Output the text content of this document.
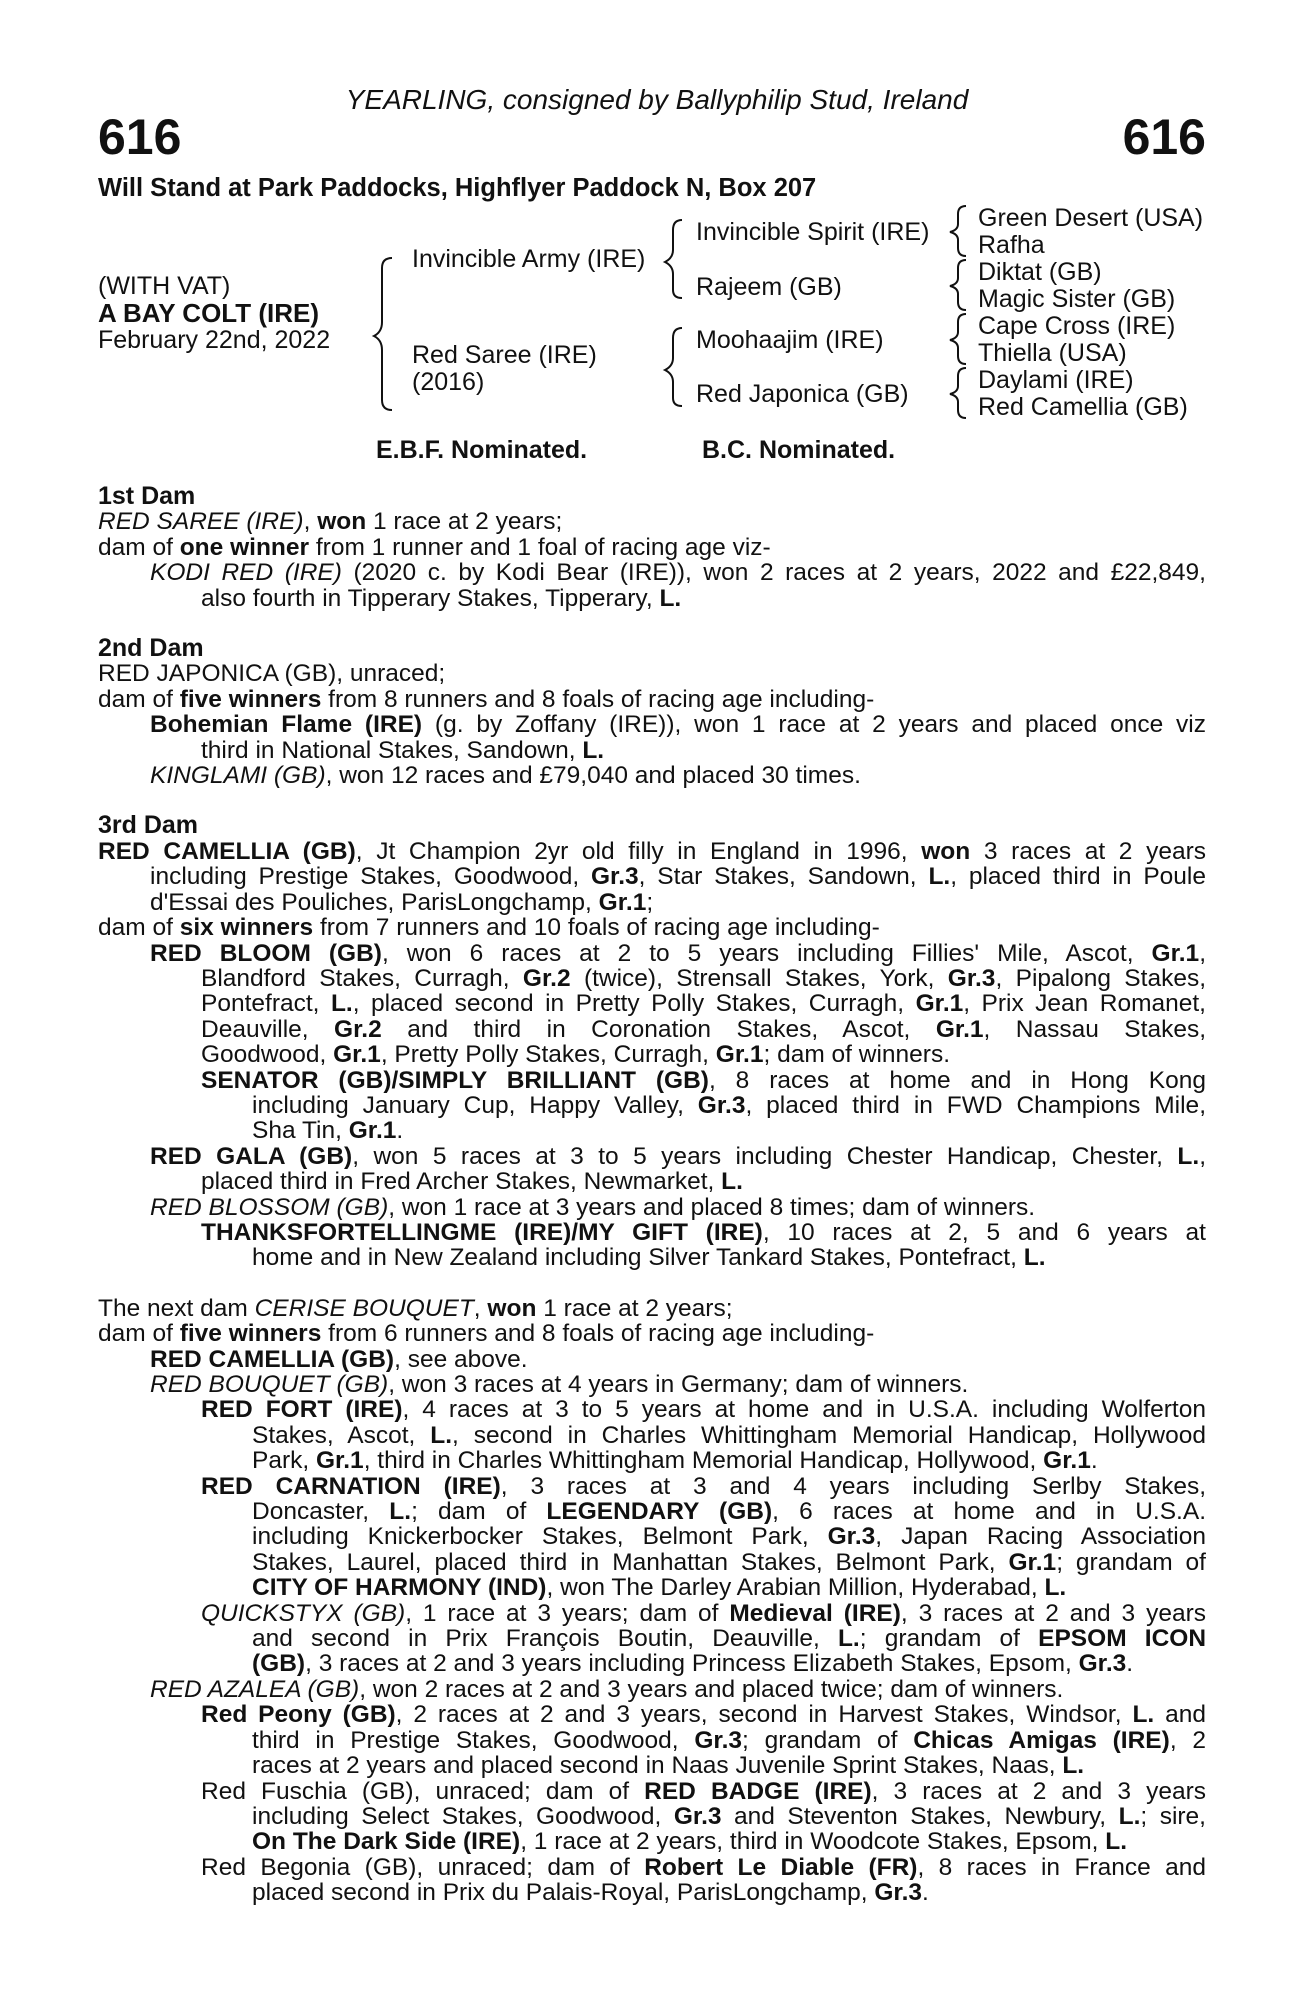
YEARLING, consigned by Ballyphilip Stud, Ireland
616	616
Will Stand at Park Paddocks, Highflyer Paddock N, Box 207
(WITH VAT)
A BAY COLT (IRE)
February 22nd, 2022
Invincible Army (IRE)
Red Saree (IRE)
(2016)
Invincible Spirit (IRE)
Rajeem (GB)
Moohaajim (IRE)
Red Japonica (GB)
Green Desert (USA)
Rafha
Diktat (GB)
Magic Sister (GB)
Cape Cross (IRE)
Thiella (USA)
Daylami (IRE)
Red Camellia (GB)
E.B.F. Nominated.	B.C. Nominated.
1st Dam
RED SAREE (IRE), won 1 race at 2 years;
dam of one winner from 1 runner and 1 foal of racing age viz-
KODI RED (IRE) (2020 c. by Kodi Bear (IRE)), won 2 races at 2 years, 2022 and £22,849,
also fourth in Tipperary Stakes, Tipperary, L.
2nd Dam
RED JAPONICA (GB), unraced;
dam of five winners from 8 runners and 8 foals of racing age including-
Bohemian Flame (IRE) (g. by Zoffany (IRE)), won 1 race at 2 years and placed once viz
third in National Stakes, Sandown, L.
KINGLAMI (GB), won 12 races and £79,040 and placed 30 times.
3rd Dam
RED CAMELLIA (GB), Jt Champion 2yr old filly in England in 1996, won 3 races at 2 years
including Prestige Stakes, Goodwood, Gr.3, Star Stakes, Sandown, L., placed third in Poule
d'Essai des Pouliches, ParisLongchamp, Gr.1;
dam of six winners from 7 runners and 10 foals of racing age including-
RED BLOOM (GB), won 6 races at 2 to 5 years including Fillies' Mile, Ascot, Gr.1,
Blandford Stakes, Curragh, Gr.2 (twice), Strensall Stakes, York, Gr.3, Pipalong Stakes,
Pontefract, L., placed second in Pretty Polly Stakes, Curragh, Gr.1, Prix Jean Romanet,
Deauville, Gr.2 and third in Coronation Stakes, Ascot, Gr.1, Nassau Stakes,
Goodwood, Gr.1, Pretty Polly Stakes, Curragh, Gr.1; dam of winners.
SENATOR (GB)/SIMPLY BRILLIANT (GB), 8 races at home and in Hong Kong
including January Cup, Happy Valley, Gr.3, placed third in FWD Champions Mile,
Sha Tin, Gr.1.
RED GALA (GB), won 5 races at 3 to 5 years including Chester Handicap, Chester, L.,
placed third in Fred Archer Stakes, Newmarket, L.
RED BLOSSOM (GB), won 1 race at 3 years and placed 8 times; dam of winners.
THANKSFORTELLINGME (IRE)/MY GIFT (IRE), 10 races at 2, 5 and 6 years at
home and in New Zealand including Silver Tankard Stakes, Pontefract, L.
The next dam CERISE BOUQUET, won 1 race at 2 years;
dam of five winners from 6 runners and 8 foals of racing age including-
RED CAMELLIA (GB), see above.
RED BOUQUET (GB), won 3 races at 4 years in Germany; dam of winners.
RED FORT (IRE), 4 races at 3 to 5 years at home and in U.S.A. including Wolferton
Stakes, Ascot, L., second in Charles Whittingham Memorial Handicap, Hollywood
Park, Gr.1, third in Charles Whittingham Memorial Handicap, Hollywood, Gr.1.
RED CARNATION (IRE), 3 races at 3 and 4 years including Serlby Stakes,
Doncaster, L.; dam of LEGENDARY (GB), 6 races at home and in U.S.A.
including Knickerbocker Stakes, Belmont Park, Gr.3, Japan Racing Association
Stakes, Laurel, placed third in Manhattan Stakes, Belmont Park, Gr.1; grandam of
CITY OF HARMONY (IND), won The Darley Arabian Million, Hyderabad, L.
QUICKSTYX (GB), 1 race at 3 years; dam of Medieval (IRE), 3 races at 2 and 3 years
and second in Prix François Boutin, Deauville, L.; grandam of EPSOM ICON
(GB), 3 races at 2 and 3 years including Princess Elizabeth Stakes, Epsom, Gr.3.
RED AZALEA (GB), won 2 races at 2 and 3 years and placed twice; dam of winners.
Red Peony (GB), 2 races at 2 and 3 years, second in Harvest Stakes, Windsor, L. and
third in Prestige Stakes, Goodwood, Gr.3; grandam of Chicas Amigas (IRE), 2
races at 2 years and placed second in Naas Juvenile Sprint Stakes, Naas, L.
Red Fuschia (GB), unraced; dam of RED BADGE (IRE), 3 races at 2 and 3 years
including Select Stakes, Goodwood, Gr.3 and Steventon Stakes, Newbury, L.; sire,
On The Dark Side (IRE), 1 race at 2 years, third in Woodcote Stakes, Epsom, L.
Red Begonia (GB), unraced; dam of Robert Le Diable (FR), 8 races in France and
placed second in Prix du Palais-Royal, ParisLongchamp, Gr.3.
